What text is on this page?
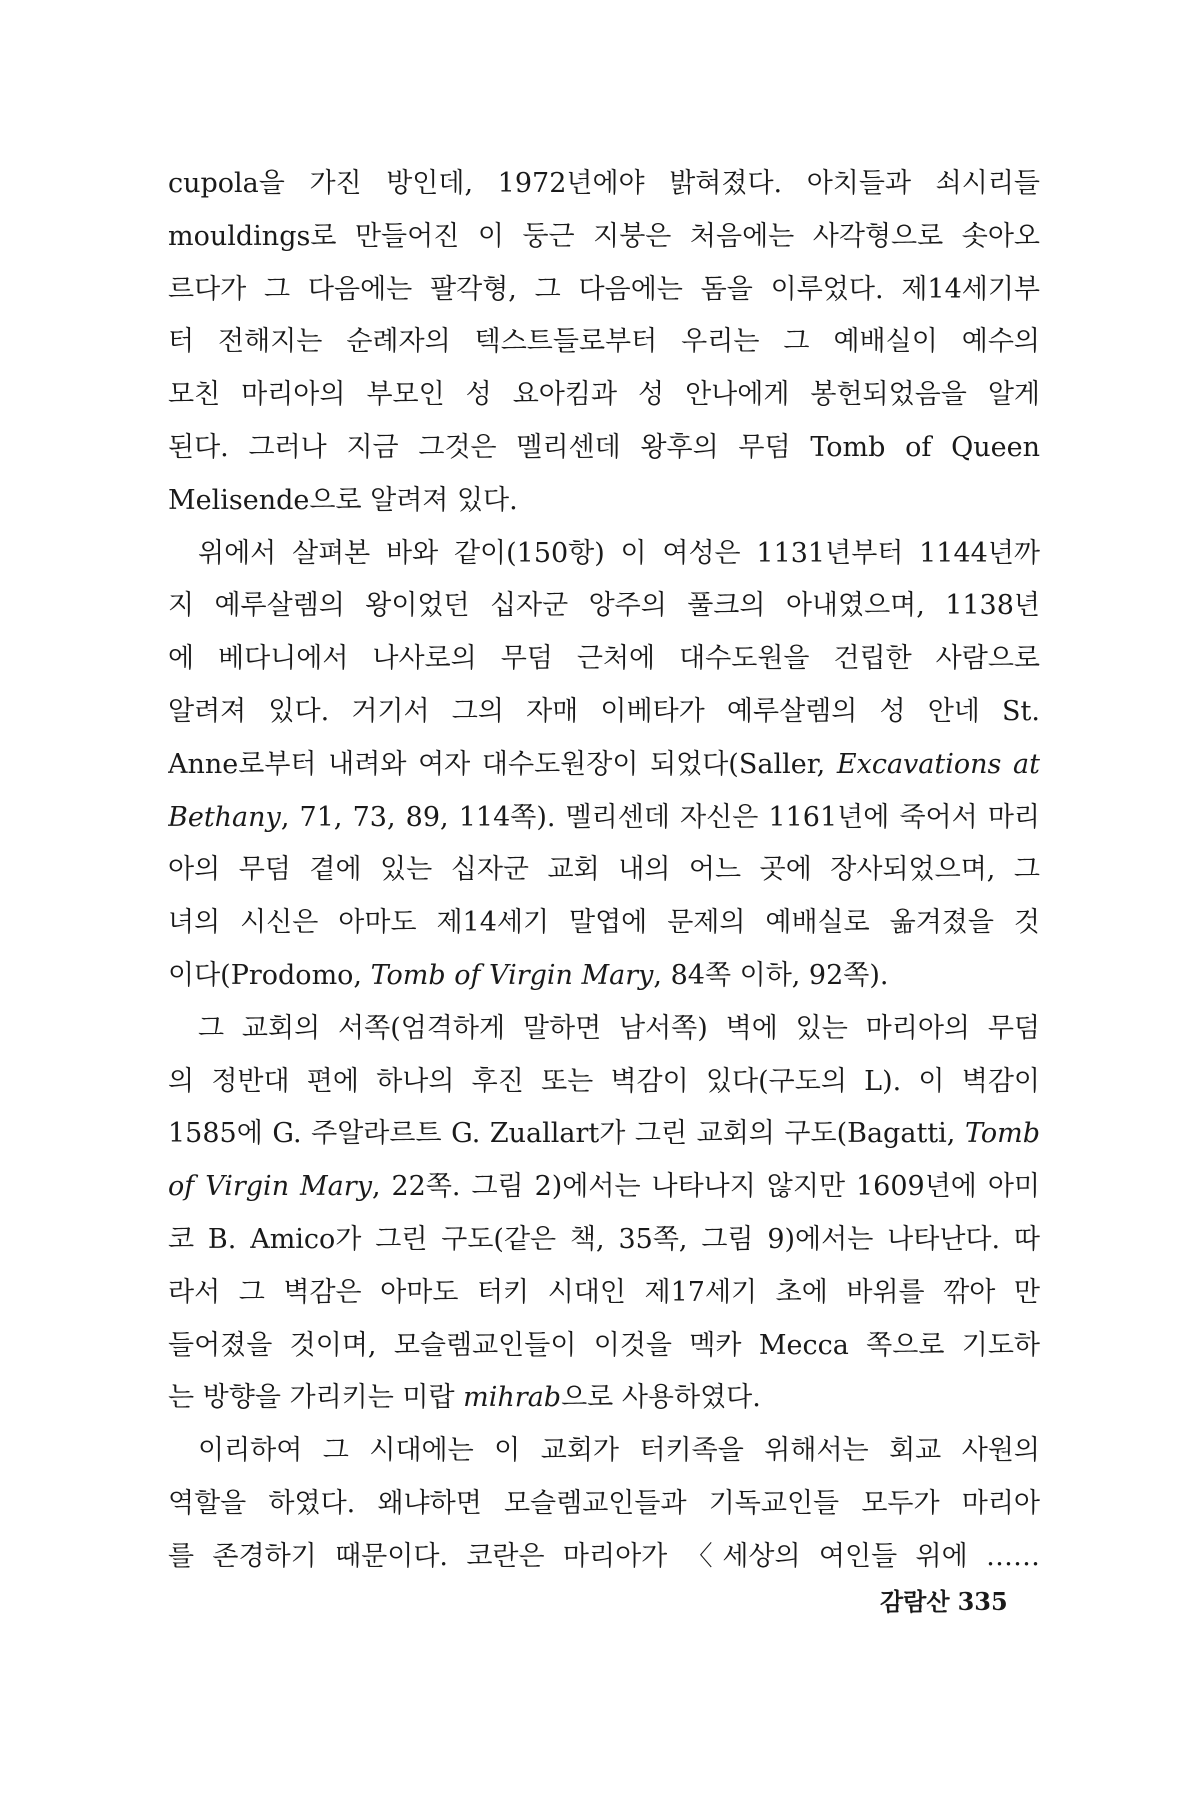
cupola을 가진 방인데, 1972년에야 밝혀졌다. 아치들과 쇠시리들
mouldings로 만들어진 이 둥근 지붕은 처음에는 사각형으로 솟아오
르다가 그 다음에는 팔각형, 그 다음에는 돔을 이루었다. 제14세기부
터 전해지는 순례자의 텍스트들로부터 우리는 그 예배실이 예수의
모친 마리아의 부모인 성 요아킴과 성 안나에게 봉헌되었음을 알게
된다. 그러나 지금 그것은 멜리센데 왕후의 무덤 Tomb of Queen
Melisende으로 알려져 있다.
위에서 살펴본 바와 같이(150항) 이 여성은 1131년부터 1144년까
지 예루살렘의 왕이었던 십자군 앙주의 풀크의 아내였으며, 1138년
에 베다니에서 나사로의 무덤 근처에 대수도원을 건립한 사람으로
알려져 있다. 거기서 그의 자매 이베타가 예루살렘의 성 안네 St.
Anne로부터 내려와 여자 대수도원장이 되었다(Saller, Excavations at
Bethany, 71, 73, 89, 114쪽). 멜리센데 자신은 1161년에 죽어서 마리
아의 무덤 곁에 있는 십자군 교회 내의 어느 곳에 장사되었으며, 그
녀의 시신은 아마도 제14세기 말엽에 문제의 예배실로 옮겨졌을 것
이다(Prodomo, Tomb of Virgin Mary, 84쪽 이하, 92쪽).
그 교회의 서쪽(엄격하게 말하면 남서쪽) 벽에 있는 마리아의 무덤
의 정반대 편에 하나의 후진 또는 벽감이 있다(구도의 L). 이 벽감이
1585에 G. 주알라르트 G. Zuallart가 그린 교회의 구도(Bagatti, Tomb
of Virgin Mary, 22쪽. 그림 2)에서는 나타나지 않지만 1609년에 아미
코 B. Amico가 그린 구도(같은 책, 35쪽, 그림 9)에서는 나타난다. 따
라서 그 벽감은 아마도 터키 시대인 제17세기 초에 바위를 깎아 만
들어졌을 것이며, 모슬렘교인들이 이것을 멕카 Mecca 쪽으로 기도하
는 방향을 가리키는 미랍 mihrab으로 사용하였다.
이리하여 그 시대에는 이 교회가 터키족을 위해서는 회교 사원의
역할을 하였다. 왜냐하면 모슬렘교인들과 기독교인들 모두가 마리아
를 존경하기 때문이다. 코란은 마리아가 〈세상의 여인들 위에 ……
감람산 335
